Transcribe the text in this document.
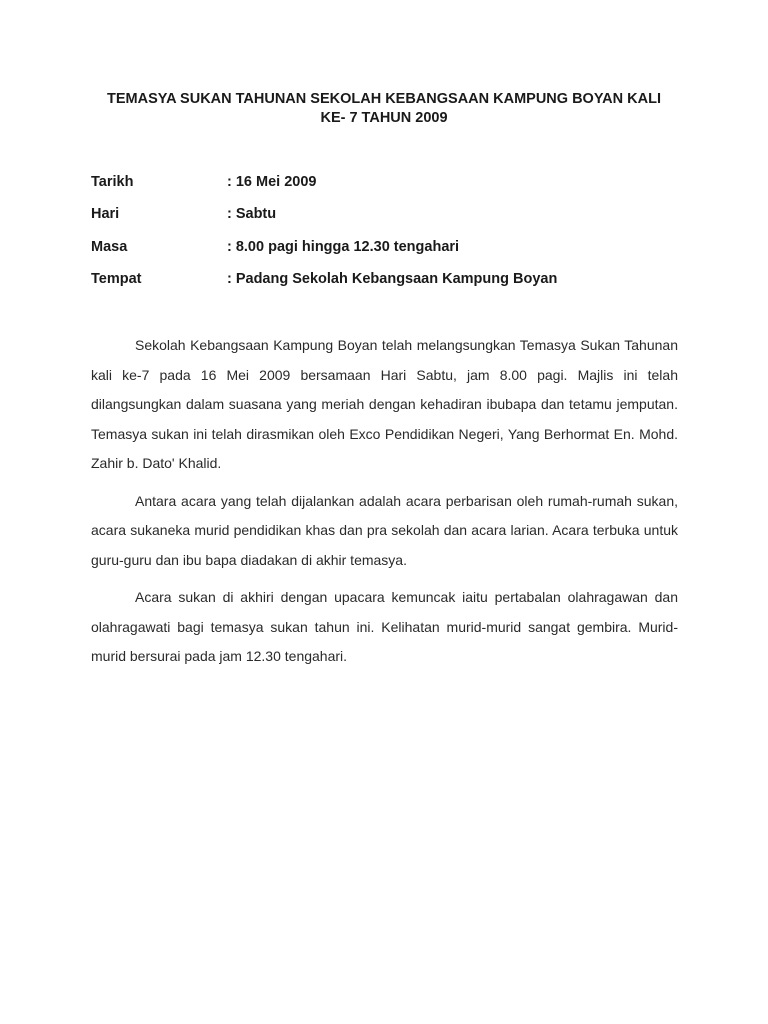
TEMASYA SUKAN TAHUNAN SEKOLAH KEBANGSAAN KAMPUNG BOYAN KALI
KE- 7 TAHUN 2009
Tarikh	: 16 Mei 2009
Hari	: Sabtu
Masa	: 8.00 pagi hingga 12.30 tengahari
Tempat	: Padang Sekolah Kebangsaan Kampung Boyan

Sekolah Kebangsaan Kampung Boyan telah melangsungkan Temasya Sukan Tahunan kali ke-7 pada 16 Mei 2009 bersamaan Hari Sabtu, jam 8.00 pagi. Majlis ini telah dilangsungkan dalam suasana yang meriah dengan kehadiran ibubapa dan tetamu jemputan. Temasya sukan ini telah dirasmikan oleh Exco Pendidikan Negeri, Yang Berhormat En. Mohd. Zahir b. Dato' Khalid.

Antara acara yang telah dijalankan adalah acara perbarisan oleh rumah-rumah sukan, acara sukaneka murid pendidikan khas dan pra sekolah dan acara larian. Acara terbuka untuk guru-guru dan ibu bapa diadakan di akhir temasya.

Acara sukan di akhiri dengan upacara kemuncak iaitu pertabalan olahragawan dan olahragawati bagi temasya sukan tahun ini. Kelihatan murid-murid sangat gembira. Murid-murid bersurai pada jam 12.30 tengahari.
